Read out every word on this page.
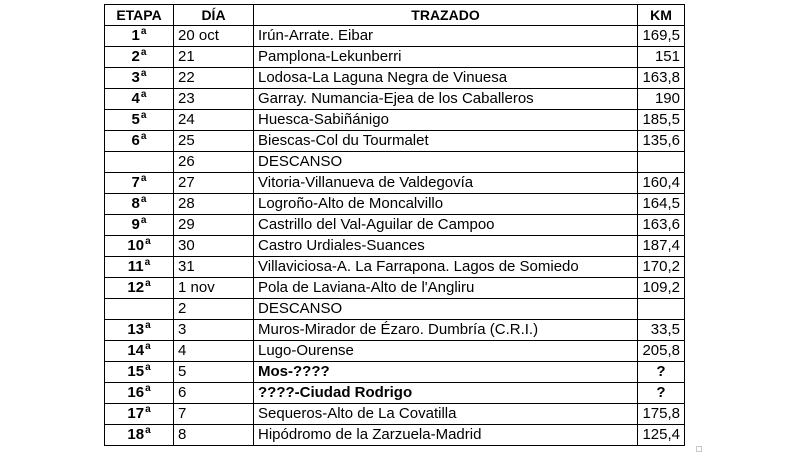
ETAPA	DÍA	TRAZADO	KM
1$^a$	20 oct	Irún-Arrate. Eibar	169,5
2$^a$	21	Pamplona-Lekunberri	151
3$^a$	22	Lodosa-La Laguna Negra de Vinuesa	163,8
4$^a$	23	Garray. Numancia-Ejea de los Caballeros	190
5$^a$	24	Huesca-Sabiñánigo	185,5
6$^a$	25	Biescas-Col du Tourmalet	135,6
	26	DESCANSO	
7$^a$	27	Vitoria-Villanueva de Valdegovía	160,4
8$^a$	28	Logroño-Alto de Moncalvillo	164,5
9$^a$	29	Castrillo del Val-Aguilar de Campoo	163,6
10$^a$	30	Castro Urdiales-Suances	187,4
11$^a$	31	Villaviciosa-A. La Farrapona. Lagos de Somiedo	170,2
12$^a$	1 nov	Pola de Laviana-Alto de l'Angliru	109,2
	2	DESCANSO	
13$^a$	3	Muros-Mirador de Ézaro. Dumbría (C.R.I.)	33,5
14$^a$	4	Lugo-Ourense	205,8
15$^a$	5	Mos-????	?
16$^a$	6	????-Ciudad Rodrigo	?
17$^a$	7	Sequeros-Alto de La Covatilla	175,8
18$^a$	8	Hipódromo de la Zarzuela-Madrid	125,4
